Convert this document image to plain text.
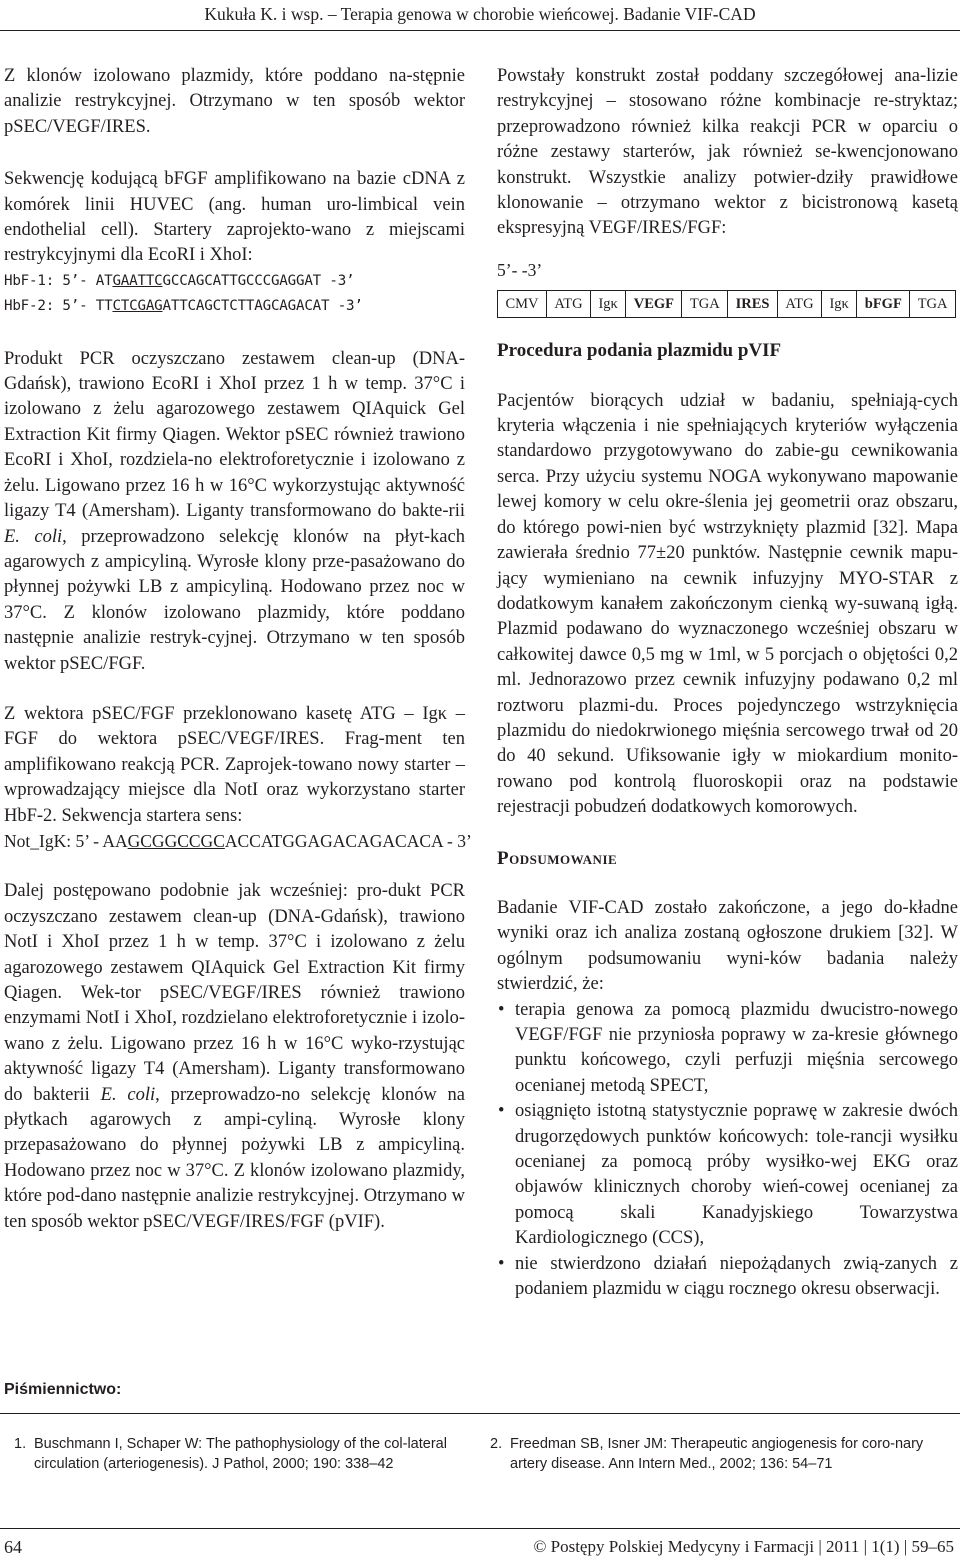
Kukuła K. i wsp. – Terapia genowa w chorobie wieńcowej. Badanie VIF-CAD

Z klonów izolowano plazmidy, które poddano na-stępnie analizie restrykcyjnej. Otrzymano w ten sposób wektor pSEC/VEGF/IRES.

Sekwencję kodującą bFGF amplifikowano na bazie cDNA z komórek linii HUVEC (ang. human uro-limbical vein endothelial cell). Startery zaprojekto-wano z miejscami restrykcyjnymi dla EcoRI i XhoI:

HbF-1: 5’- ATGAATTCGCCAGCATTGCCCGAGGAT -3’
HbF-2: 5’- TTCTCGAGATTCAGCTCTTAGCAGACAT -3’

Produkt PCR oczyszczano zestawem clean-up (DNA-Gdańsk), trawiono EcoRI i XhoI przez 1 h w temp. 37°C i izolowano z żelu agarozowego zestawem QIAquick Gel Extraction Kit firmy Qiagen. Wektor pSEC również trawiono EcoRI i XhoI, rozdziela-no elektroforetycznie i izolowano z żelu. Ligowano przez 16 h w 16°C wykorzystując aktywność ligazy T4 (Amersham). Liganty transformowano do bakte-rii E. coli, przeprowadzono selekcję klonów na płyt-kach agarowych z ampicyliną. Wyrosłe klony prze-pasażowano do płynnej pożywki LB z ampicyliną. Hodowano przez noc w 37°C. Z klonów izolowano plazmidy, które poddano następnie analizie restryk-cyjnej. Otrzymano w ten sposób wektor pSEC/FGF.

Z wektora pSEC/FGF przeklonowano kasetę ATG – Igκ – FGF do wektora pSEC/VEGF/IRES. Frag-ment ten amplifikowano reakcją PCR. Zaprojek-towano nowy starter – wprowadzający miejsce dla NotI oraz wykorzystano starter HbF-2. Sekwencja startera sens:

Not_IgK: 5’ - AAGCGGCCGCACCATGGAGACAGACACA - 3’

Dalej postępowano podobnie jak wcześniej: pro-dukt PCR oczyszczano zestawem clean-up (DNA-Gdańsk), trawiono NotI i XhoI przez 1 h w temp. 37°C i izolowano z żelu agarozowego zestawem QIAquick Gel Extraction Kit firmy Qiagen. Wek-tor pSEC/VEGF/IRES również trawiono enzymami NotI i XhoI, rozdzielano elektroforetycznie i izolo-wano z żelu. Ligowano przez 16 h w 16°C wyko-rzystując aktywność ligazy T4 (Amersham). Liganty transformowano do bakterii E. coli, przeprowadzo-no selekcję klonów na płytkach agarowych z ampi-cyliną. Wyrosłe klony przepasażowano do płynnej pożywki LB z ampicyliną. Hodowano przez noc w 37°C. Z klonów izolowano plazmidy, które pod-dano następnie analizie restrykcyjnej. Otrzymano w ten sposób wektor pSEC/VEGF/IRES/FGF (pVIF).

Powstały konstrukt został poddany szczegółowej ana-lizie restrykcyjnej – stosowano różne kombinacje re-stryktaz; przeprowadzono również kilka reakcji PCR w oparciu o różne zestawy starterów, jak również se-kwencjonowano konstrukt. Wszystkie analizy potwier-dziły prawidłowe klonowanie – otrzymano wektor z bicistronową kasetą ekspresyjną VEGF/IRES/FGF:

5’- -3’
CMV	ATG	Igκ	VEGF	TGA	IRES	ATG	Igκ	bFGF	TGA
Procedura podania plazmidu pVIF

Pacjentów biorących udział w badaniu, spełniają-cych kryteria włączenia i nie spełniających kryteriów wyłączenia standardowo przygotowywano do zabie-gu cewnikowania serca. Przy użyciu systemu NOGA wykonywano mapowanie lewej komory w celu okre-ślenia jej geometrii oraz obszaru, do którego powi-nien być wstrzyknięty plazmid [32]. Mapa zawierała średnio 77±20 punktów. Następnie cewnik mapu-jący wymieniano na cewnik infuzyjny MYO-STAR z dodatkowym kanałem zakończonym cienką wy-suwaną igłą. Plazmid podawano do wyznaczonego wcześniej obszaru w całkowitej dawce 0,5 mg w 1ml, w 5 porcjach o objętości 0,2 ml. Jednorazowo przez cewnik infuzyjny podawano 0,2 ml roztworu plazmi-du. Proces pojedynczego wstrzyknięcia plazmidu do niedokrwionego mięśnia sercowego trwał od 20 do 40 sekund. Ufiksowanie igły w miokardium monito-rowano pod kontrolą fluoroskopii oraz na podstawie rejestracji pobudzeń dodatkowych komorowych.

Podsumowanie

Badanie VIF-CAD zostało zakończone, a jego do-kładne wyniki oraz ich analiza zostaną ogłoszone drukiem [32]. W ogólnym podsumowaniu wyni-ków badania należy stwierdzić, że:

• terapia genowa za pomocą plazmidu dwucistro-nowego VEGF/FGF nie przyniosła poprawy w za-kresie głównego punktu końcowego, czyli perfuzji mięśnia sercowego ocenianej metodą SPECT,
• osiągnięto istotną statystycznie poprawę w zakresie dwóch drugorzędowych punktów końcowych: tole-rancji wysiłku ocenianej za pomocą próby wysiłko-wej EKG oraz objawów klinicznych choroby wień-cowej ocenianej za pomocą skali Kanadyjskiego Towarzystwa Kardiologicznego (CCS),
• nie stwierdzono działań niepożądanych zwią-zanych z podaniem plazmidu w ciągu rocznego okresu obserwacji.
Piśmiennictwo:
1. Buschmann I, Schaper W: The pathophysiology of the col-lateral circulation (arteriogenesis). J Pathol, 2000; 190: 338–42
2. Freedman SB, Isner JM: Therapeutic angiogenesis for coro-nary artery disease. Ann Intern Med., 2002; 136: 54–71
64	© Postępy Polskiej Medycyny i Farmacji | 2011 | 1(1) | 59–65
